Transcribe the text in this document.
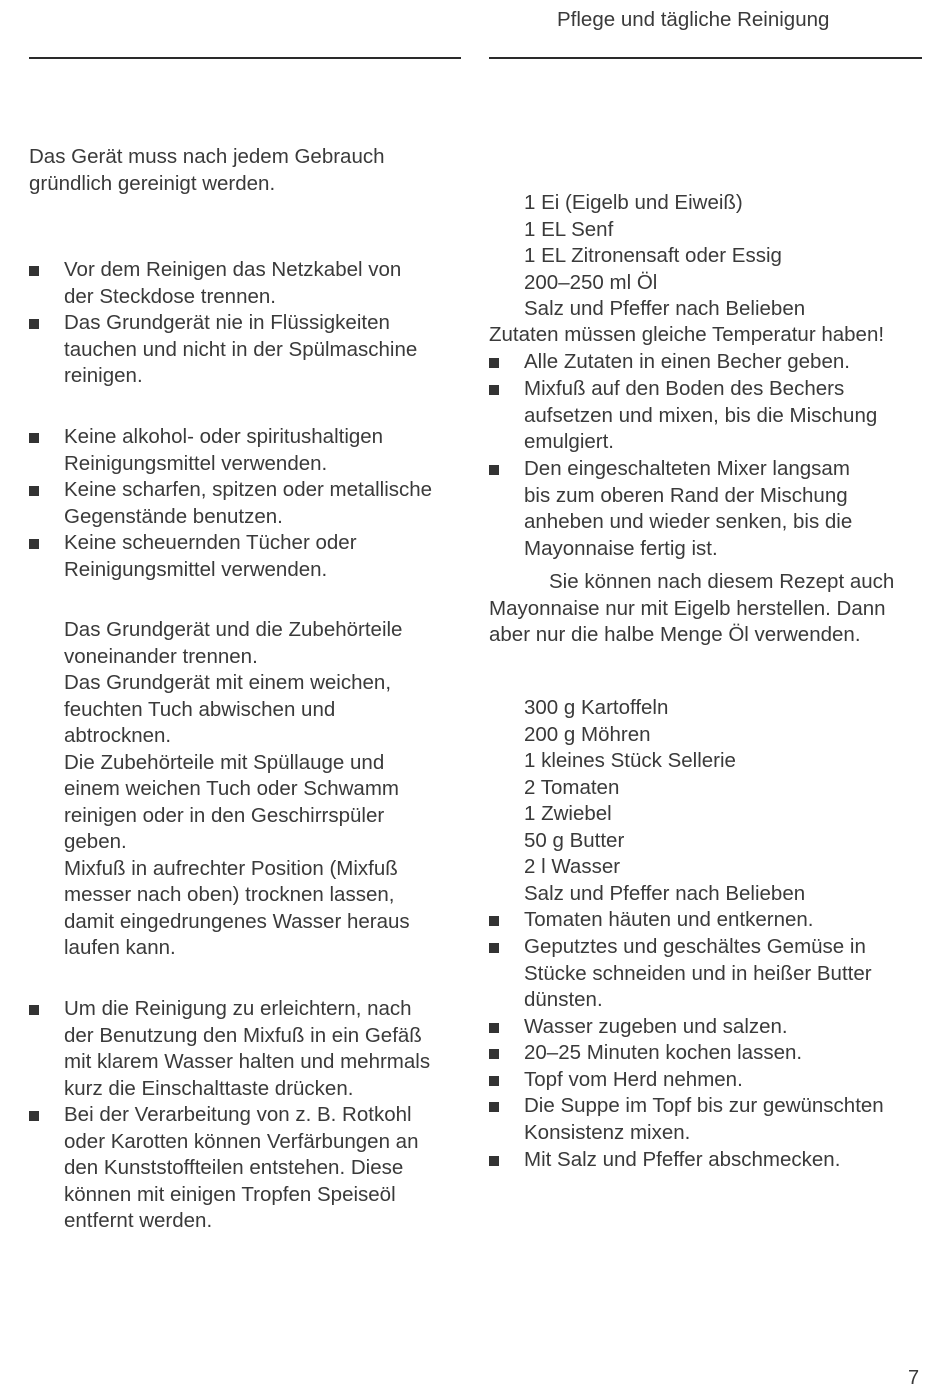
Pflege und tägliche Reinigung
Das Gerät muss nach jedem Gebrauch
gründlich gereinigt werden.
Vor dem Reinigen das Netzkabel von
der Steckdose trennen.
Das Grundgerät nie in Flüssigkeiten
tauchen und nicht in der Spülmaschine
reinigen.
Keine alkohol- oder spiritushaltigen
Reinigungsmittel verwenden.
Keine scharfen, spitzen oder metallische
Gegenstände benutzen.
Keine scheuernden Tücher oder
Reinigungsmittel verwenden.
Das Grundgerät und die Zubehörteile
voneinander trennen.
Das Grundgerät mit einem weichen,
feuchten Tuch abwischen und
abtrocknen.
Die Zubehörteile mit Spüllauge und
einem weichen Tuch oder Schwamm
reinigen oder in den Geschirrspüler
geben.
Mixfuß in aufrechter Position (Mixfuß
messer nach oben) trocknen lassen,
damit eingedrungenes Wasser heraus
laufen kann.
Um die Reinigung zu erleichtern, nach
der Benutzung den Mixfuß in ein Gefäß
mit klarem Wasser halten und mehrmals
kurz die Einschalttaste drücken.
Bei der Verarbeitung von z. B. Rotkohl
oder Karotten können Verfärbungen an
den Kunststoffteilen entstehen. Diese
können mit einigen Tropfen Speiseöl
entfernt werden.
1 Ei (Eigelb und Eiweiß)
1 EL Senf
1 EL Zitronensaft oder Essig
200–250 ml Öl
Salz und Pfeffer nach Belieben
Zutaten müssen gleiche Temperatur haben!
Alle Zutaten in einen Becher geben.
Mixfuß auf den Boden des Bechers
aufsetzen und mixen, bis die Mischung
emulgiert.
Den eingeschalteten Mixer langsam
bis zum oberen Rand der Mischung
anheben und wieder senken, bis die
Mayonnaise fertig ist.
Sie können nach diesem Rezept auch
Mayonnaise nur mit Eigelb herstellen. Dann
aber nur die halbe Menge Öl verwenden.
300 g Kartoffeln
200 g Möhren
1 kleines Stück Sellerie
2 Tomaten
1 Zwiebel
50 g Butter
2 l Wasser
Salz und Pfeffer nach Belieben
Tomaten häuten und entkernen.
Geputztes und geschältes Gemüse in
Stücke schneiden und in heißer Butter
dünsten.
Wasser zugeben und salzen.
20–25 Minuten kochen lassen.
Topf vom Herd nehmen.
Die Suppe im Topf bis zur gewünschten
Konsistenz mixen.
Mit Salz und Pfeffer abschmecken.
7
